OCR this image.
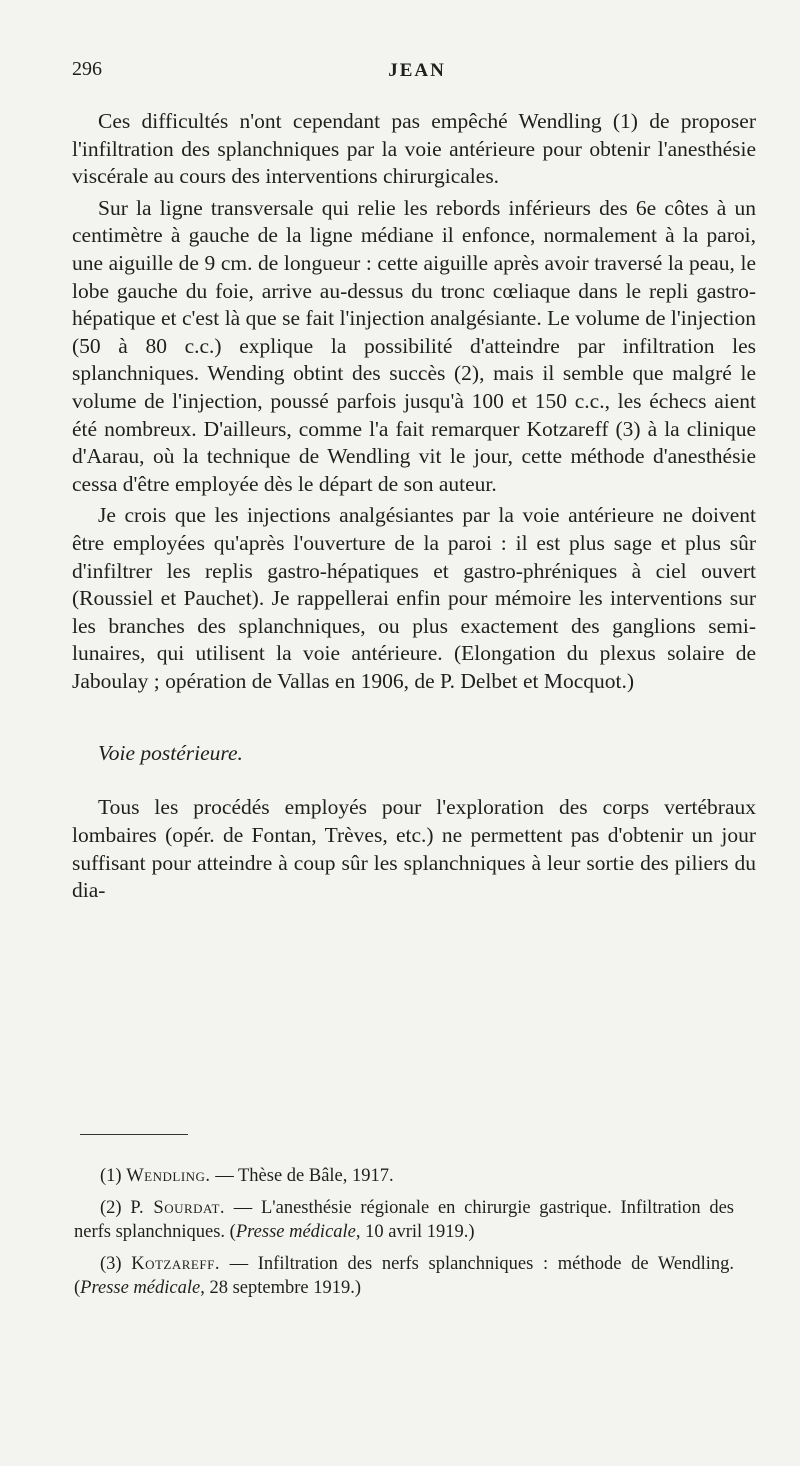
296	JEAN

Ces difficultés n'ont cependant pas empêché Wendling (1) de proposer l'infiltration des splanchniques par la voie antérieure pour obtenir l'anesthésie viscérale au cours des interventions chirurgicales.

Sur la ligne transversale qui relie les rebords inférieurs des 6e côtes à un centimètre à gauche de la ligne médiane il enfonce, normalement à la paroi, une aiguille de 9 cm. de longueur : cette aiguille après avoir traversé la peau, le lobe gauche du foie, arrive au-dessus du tronc cœliaque dans le repli gastro-hépatique et c'est là que se fait l'injection analgésiante. Le volume de l'injection (50 à 80 c.c.) explique la possibilité d'atteindre par infiltration les splanchniques. Wending obtint des succès (2), mais il semble que malgré le volume de l'injection, poussé parfois jusqu'à 100 et 150 c.c., les échecs aient été nombreux. D'ailleurs, comme l'a fait remarquer Kotzareff (3) à la clinique d'Aarau, où la technique de Wendling vit le jour, cette méthode d'anesthésie cessa d'être employée dès le départ de son auteur.

Je crois que les injections analgésiantes par la voie antérieure ne doivent être employées qu'après l'ouverture de la paroi : il est plus sage et plus sûr d'infiltrer les replis gastro-hépatiques et gastro-phréniques à ciel ouvert (Roussiel et Pauchet). Je rappellerai enfin pour mémoire les interventions sur les branches des splanchniques, ou plus exactement des ganglions semi-lunaires, qui utilisent la voie antérieure. (Elongation du plexus solaire de Jaboulay ; opération de Vallas en 1906, de P. Delbet et Mocquot.)

Voie postérieure.

Tous les procédés employés pour l'exploration des corps vertébraux lombaires (opér. de Fontan, Trèves, etc.) ne permettent pas d'obtenir un jour suffisant pour atteindre à coup sûr les splanchniques à leur sortie des piliers du dia-

(1) Wendling. — Thèse de Bâle, 1917.

(2) P. Sourdat. — L'anesthésie régionale en chirurgie gastrique. Infiltration des nerfs splanchniques. (Presse médicale, 10 avril 1919.)

(3) Kotzareff. — Infiltration des nerfs splanchniques : méthode de Wendling. (Presse médicale, 28 septembre 1919.)
